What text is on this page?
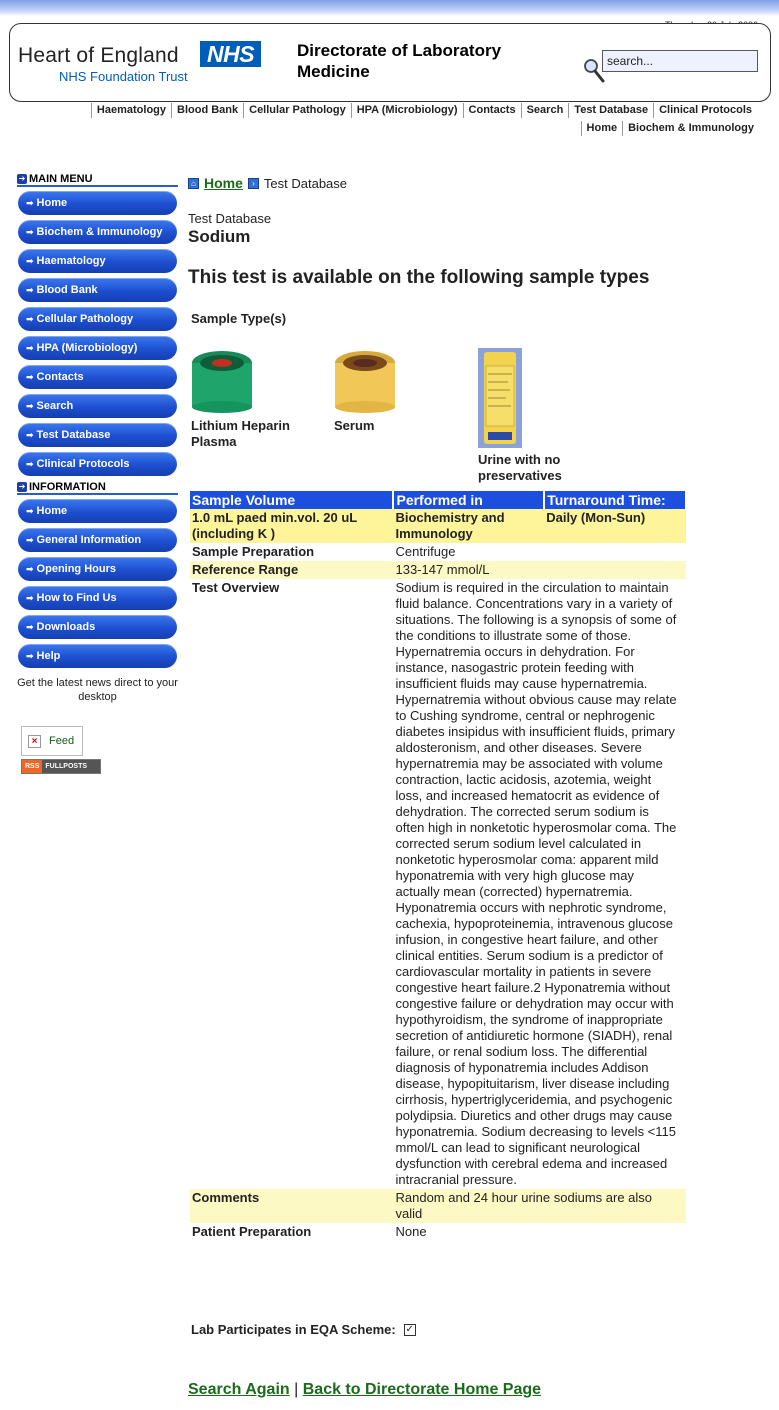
Heart of England
NHS Foundation Trust
NHS	Directorate of Laboratory Medicine
search...
Haematology	Blood Bank	Cellular Pathology	HPA (Microbiology)	Contacts	Search	Test Database	Clinical Protocols
Home	Biochem & Immunology
➔ MAIN MENU
➡ Home
➡ Biochem & Immunology
➡ Haematology
➡ Blood Bank
➡ Cellular Pathology
➡ HPA (Microbiology)
➡ Contacts
➡ Search
➡ Test Database
➡ Clinical Protocols
➔ INFORMATION
➡ Home
➡ General Information
➡ Opening Hours
➡ How to Find Us
➡ Downloads
➡ Help
Get the latest news direct to your desktop
×	Feed
RSS FULLPOSTS
⌂ Home	› Test Database
Test Database
Sodium
This test is available on the following sample types
Sample Type(s)
Lithium Heparin Plasma
Serum
Urine with no preservatives
Sample Volume	Performed in	Turnaround Time:
1.0 mL paed min.vol. 20 uL (including K )	Biochemistry and Immunology	Daily (Mon-Sun)
Sample Preparation	Centrifuge	
Reference Range	133-147 mmol/L	
Test Overview	Sodium is required in the circulation to maintain fluid balance. Concentrations vary in a variety of situations. The following is a synopsis of some of the conditions to illustrate some of those. Hypernatremia occurs in dehydration. For instance, nasogastric protein feeding with insufficient fluids may cause hypernatremia. Hypernatremia without obvious cause may relate to Cushing syndrome, central or nephrogenic diabetes insipidus with insufficient fluids, primary aldosteronism, and other diseases. Severe hypernatremia may be associated with volume contraction, lactic acidosis, azotemia, weight loss, and increased hematocrit as evidence of dehydration. The corrected serum sodium is often high in nonketotic hyperosmolar coma. The corrected serum sodium level calculated in nonketotic hyperosmolar coma: apparent mild hyponatremia with very high glucose may actually mean (corrected) hypernatremia. Hyponatremia occurs with nephrotic syndrome, cachexia, hypoproteinemia, intravenous glucose infusion, in congestive heart failure, and other clinical entities. Serum sodium is a predictor of cardiovascular mortality in patients in severe congestive heart failure.2 Hyponatremia without congestive failure or dehydration may occur with hypothyroidism, the syndrome of inappropriate secretion of antidiuretic hormone (SIADH), renal failure, or renal sodium loss. The differential diagnosis of hyponatremia includes Addison disease, hypopituitarism, liver disease including cirrhosis, hypertriglyceridemia, and psychogenic polydipsia. Diuretics and other drugs may cause hyponatremia. Sodium decreasing to levels <115 mmol/L can lead to significant neurological dysfunction with cerebral edema and increased intracranial pressure.	
Comments	Random and 24 hour urine sodiums are also valid	
Patient Preparation	None	
Lab Participates in EQA Scheme: ✓
Search Again | Back to Directorate Home Page
